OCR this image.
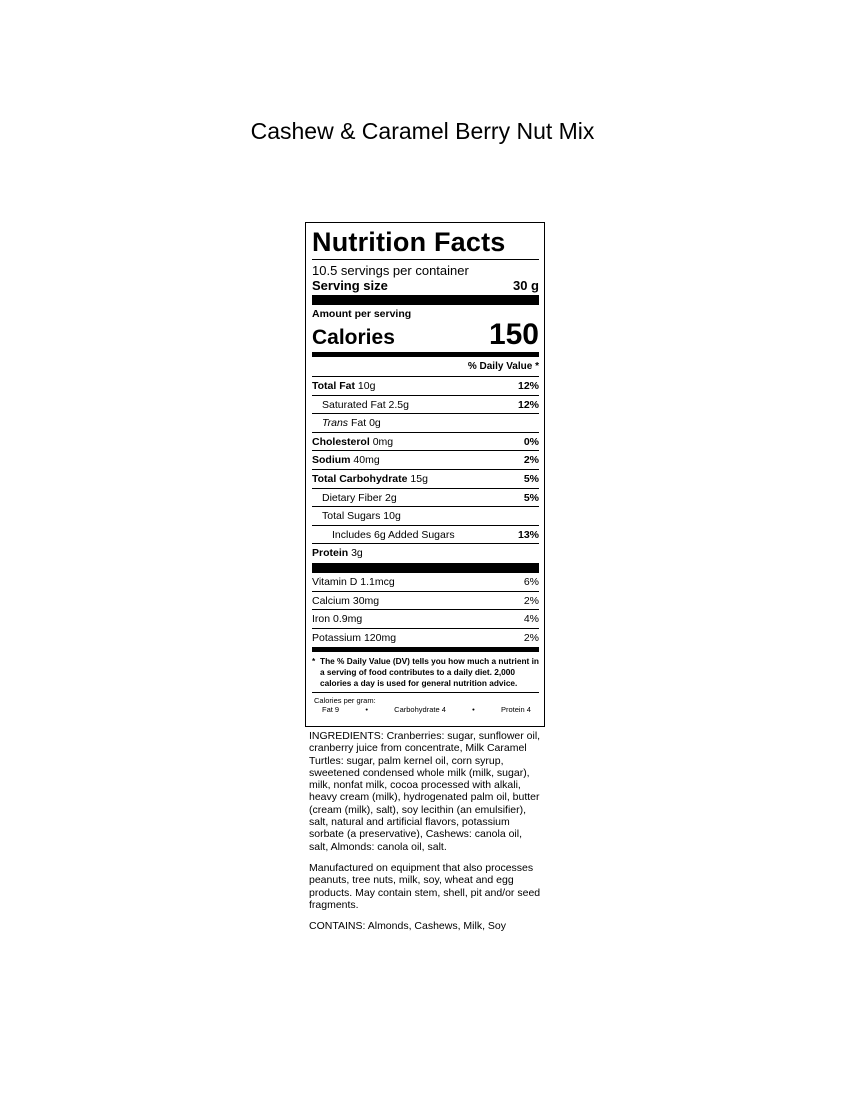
Cashew & Caramel Berry Nut Mix
Nutrition Facts
10.5 servings per container
Serving size	30 g
Amount per serving
Calories	150
% Daily Value *
Total Fat 10g	12%
Saturated Fat 2.5g	12%
Trans Fat 0g
Cholesterol 0mg	0%
Sodium 40mg	2%
Total Carbohydrate 15g	5%
Dietary Fiber 2g	5%
Total Sugars 10g
Includes 6g Added Sugars	13%
Protein 3g
Vitamin D 1.1mcg	6%
Calcium 30mg	2%
Iron 0.9mg	4%
Potassium 120mg	2%
* The % Daily Value (DV) tells you how much a nutrient in a serving of food contributes to a daily diet. 2,000 calories a day is used for general nutrition advice.
Calories per gram:
Fat 9	•	Carbohydrate 4	•	Protein 4

INGREDIENTS: Cranberries: sugar, sunflower oil, cranberry juice from concentrate, Milk Caramel Turtles: sugar, palm kernel oil, corn syrup, sweetened condensed whole milk (milk, sugar), milk, nonfat milk, cocoa processed with alkali, heavy cream (milk), hydrogenated palm oil, butter (cream (milk), salt), soy lecithin (an emulsifier), salt, natural and artificial flavors, potassium sorbate (a preservative), Cashews: canola oil, salt, Almonds: canola oil, salt.

Manufactured on equipment that also processes peanuts, tree nuts, milk, soy, wheat and egg products. May contain stem, shell, pit and/or seed fragments.

CONTAINS: Almonds, Cashews, Milk, Soy
